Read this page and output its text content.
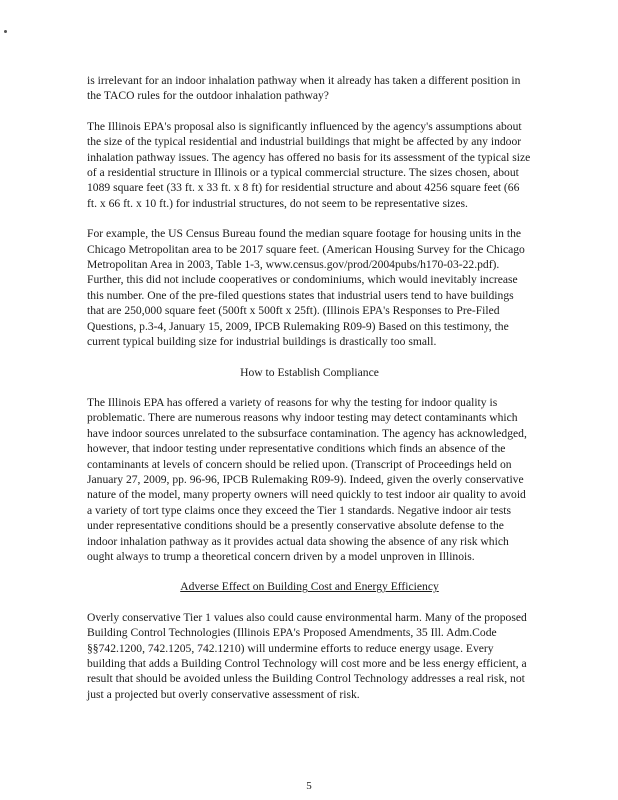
is irrelevant for an indoor inhalation pathway when it already has taken a different position in the TACO rules for the outdoor inhalation pathway?

The Illinois EPA's proposal also is significantly influenced by the agency's assumptions about the size of the typical residential and industrial buildings that might be affected by any indoor inhalation pathway issues. The agency has offered no basis for its assessment of the typical size of a residential structure in Illinois or a typical commercial structure. The sizes chosen, about 1089 square feet (33 ft. x 33 ft. x 8 ft) for residential structure and about 4256 square feet (66 ft. x 66 ft. x 10 ft.) for industrial structures, do not seem to be representative sizes.

For example, the US Census Bureau found the median square footage for housing units in the Chicago Metropolitan area to be 2017 square feet. (American Housing Survey for the Chicago Metropolitan Area in 2003, Table 1-3, www.census.gov/prod/2004pubs/h170-03-22.pdf). Further, this did not include cooperatives or condominiums, which would inevitably increase this number. One of the pre-filed questions states that industrial users tend to have buildings that are 250,000 square feet (500ft x 500ft x 25ft). (Illinois EPA's Responses to Pre-Filed Questions, p.3-4, January 15, 2009, IPCB Rulemaking R09-9) Based on this testimony, the current typical building size for industrial buildings is drastically too small.

How to Establish Compliance

The Illinois EPA has offered a variety of reasons for why the testing for indoor quality is problematic. There are numerous reasons why indoor testing may detect contaminants which have indoor sources unrelated to the subsurface contamination. The agency has acknowledged, however, that indoor testing under representative conditions which finds an absence of the contaminants at levels of concern should be relied upon. (Transcript of Proceedings held on January 27, 2009, pp. 96-96, IPCB Rulemaking R09-9). Indeed, given the overly conservative nature of the model, many property owners will need quickly to test indoor air quality to avoid a variety of tort type claims once they exceed the Tier 1 standards. Negative indoor air tests under representative conditions should be a presently conservative absolute defense to the indoor inhalation pathway as it provides actual data showing the absence of any risk which ought always to trump a theoretical concern driven by a model unproven in Illinois.

Adverse Effect on Building Cost and Energy Efficiency

Overly conservative Tier 1 values also could cause environmental harm. Many of the proposed Building Control Technologies (Illinois EPA's Proposed Amendments, 35 Ill. Adm.Code §§742.1200, 742.1205, 742.1210) will undermine efforts to reduce energy usage. Every building that adds a Building Control Technology will cost more and be less energy efficient, a result that should be avoided unless the Building Control Technology addresses a real risk, not just a projected but overly conservative assessment of risk.

5
